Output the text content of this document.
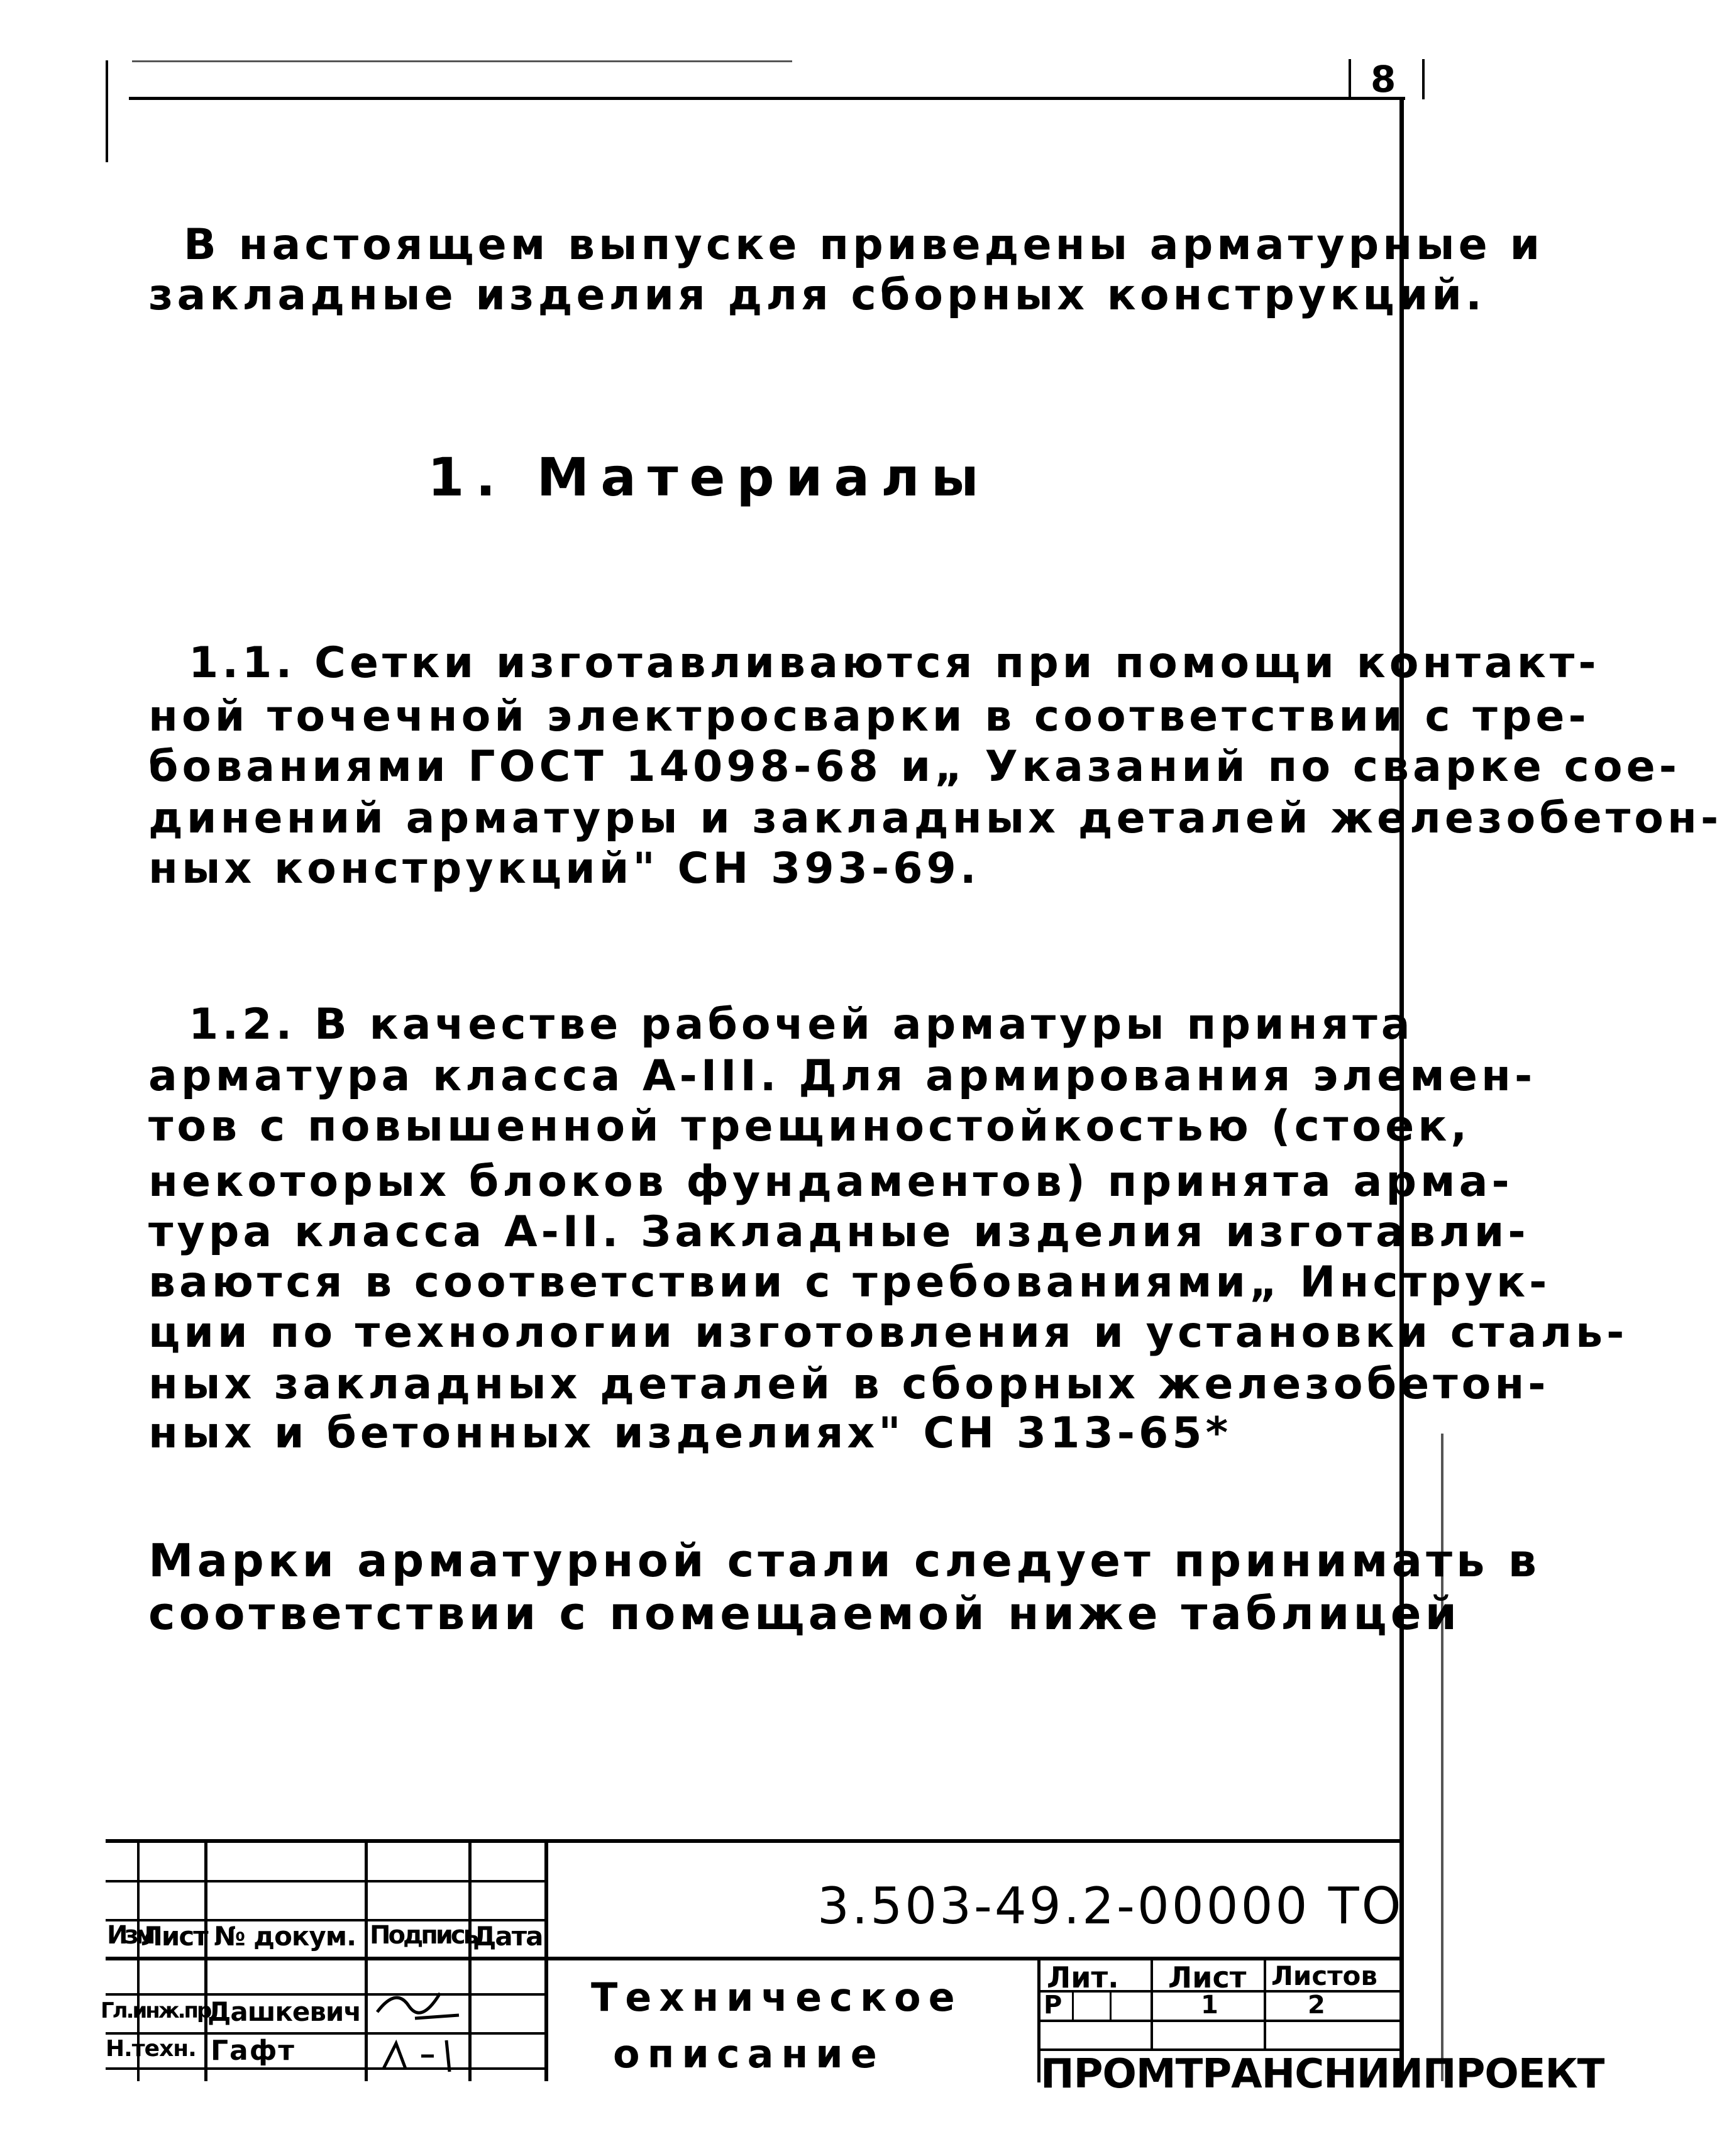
8
В настоящем выпуске приведены арматурные и
закладные изделия для сборных конструкций.
1. Материалы
1.1. Сетки изготавливаются при помощи контакт-
ной точечной электросварки в соответствии с тре-
бованиями ГОСТ 14098-68 и„ Указаний по сварке сое-
динений арматуры и закладных деталей железобетон-
ных конструкций" СН 393-69.
1.2. В качестве рабочей арматуры принята
арматура класса А-III. Для армирования элемен-
тов с повышенной трещиностойкостью (стоек,
некоторых блоков фундаментов) принята арма-
тура класса А-II. Закладные изделия изготавли-
ваются в соответствии с требованиями„ Инструк-
ции по технологии изготовления и установки сталь-
ных закладных деталей в сборных железобетон-
ных и бетонных изделиях" СН 313-65*
Марки арматурной стали следует принимать в
соответствии с помещаемой ниже таблицей
Изм
Лист № докум. Подпись
Дата
Гл.инж.пр.
Дашкевич
Н.техн. Гафт
3.503-49.2-00000 ТО
Техническое
описание
Лит. Лист Листов
Р	1	2
ПРОМТРАНСНИИПРОЕКТ
